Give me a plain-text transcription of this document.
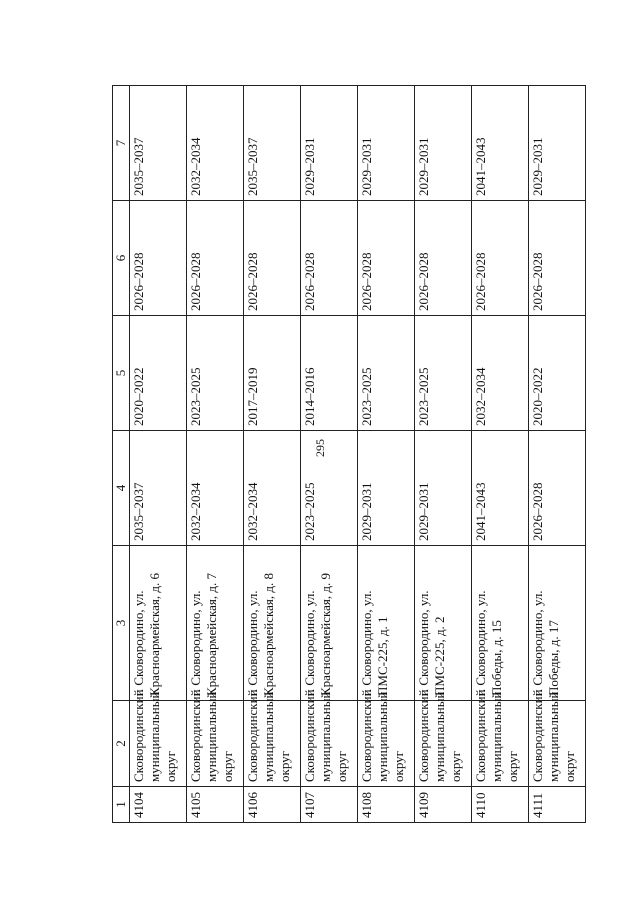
295
1	2	3	4	5	6	7
4104	Сковородинский муниципальный округ	г. Сковородино, ул. Красноармейская, д. 6	2035–2037	2020–2022	2026–2028	2035–2037
4105	Сковородинский муниципальный округ	г. Сковородино, ул. Красноармейская, д. 7	2032–2034	2023–2025	2026–2028	2032–2034
4106	Сковородинский муниципальный округ	г. Сковородино, ул. Красноармейская, д. 8	2032–2034	2017–2019	2026–2028	2035–2037
4107	Сковородинский муниципальный округ	г. Сковородино, ул. Красноармейская, д. 9	2023–2025	2014–2016	2026–2028	2029–2031
4108	Сковородинский муниципальный округ	г. Сковородино, ул. ПМС-225, д. 1	2029–2031	2023–2025	2026–2028	2029–2031
4109	Сковородинский муниципальный округ	г. Сковородино, ул. ПМС-225, д. 2	2029–2031	2023–2025	2026–2028	2029–2031
4110	Сковородинский муниципальный округ	г. Сковородино, ул. Победы, д. 15	2041–2043	2032–2034	2026–2028	2041–2043
4111	Сковородинский муниципальный округ	г. Сковородино, ул. Победы, д. 17	2026–2028	2020–2022	2026–2028	2029–2031
